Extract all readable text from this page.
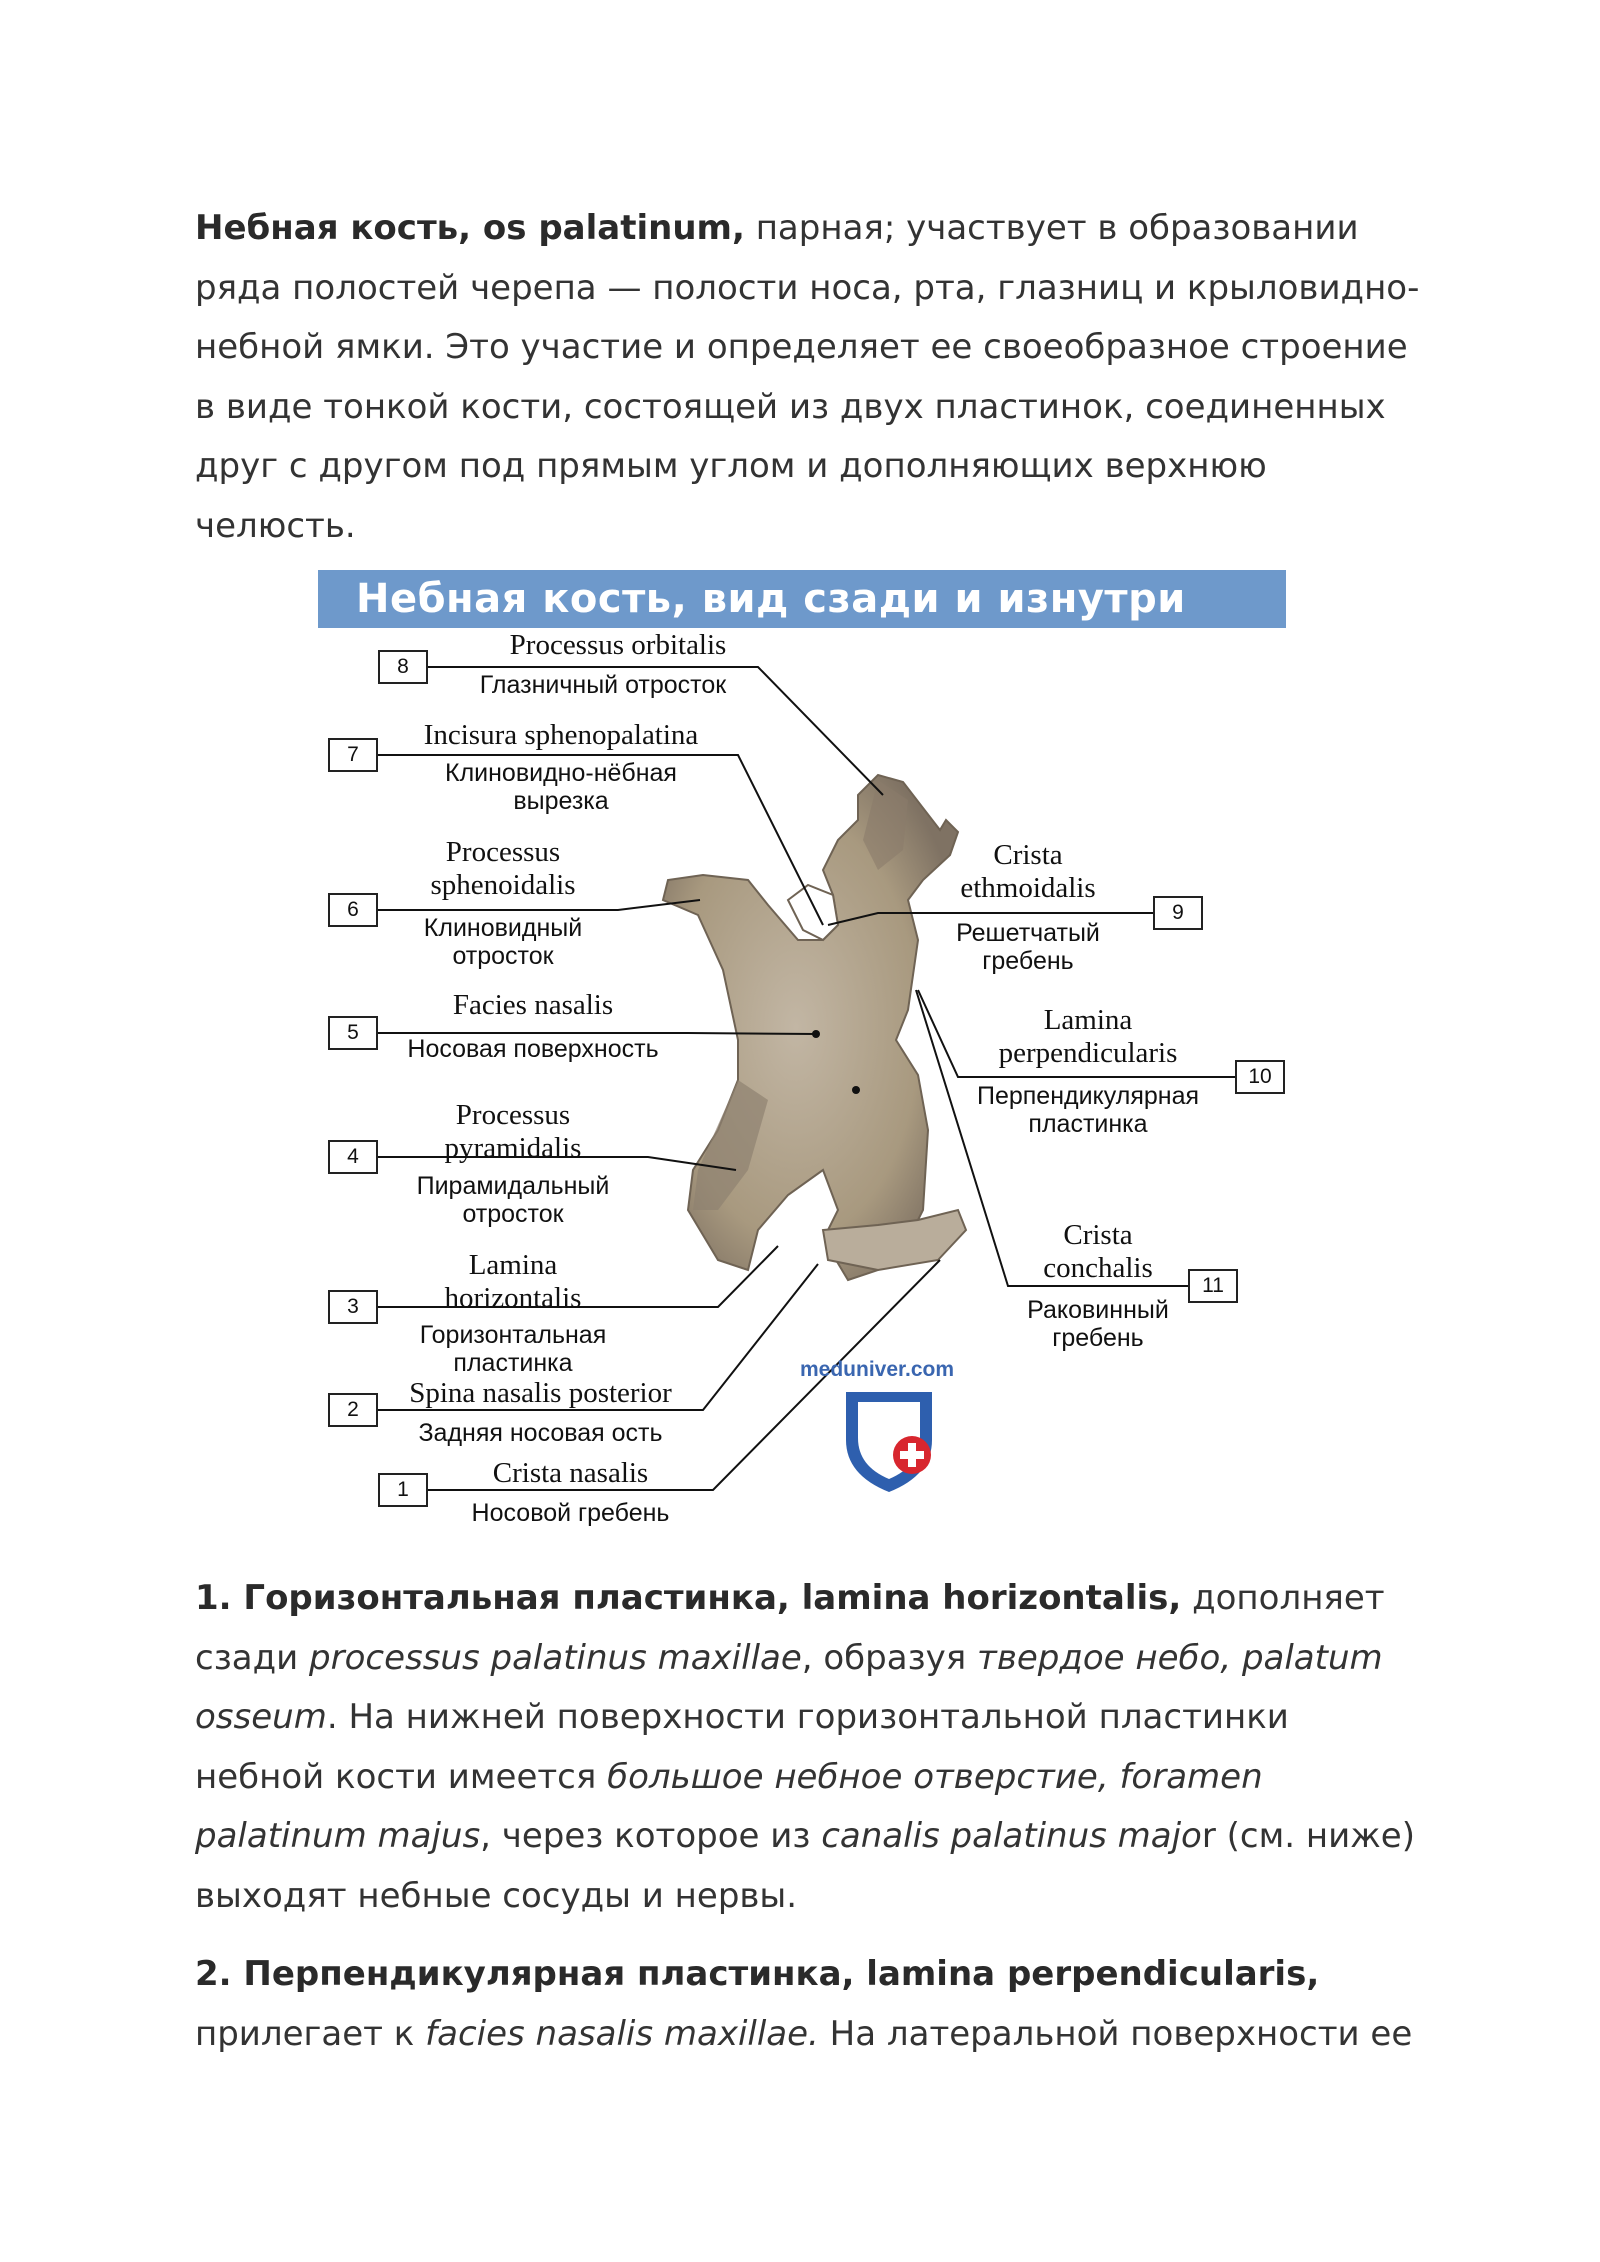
Небная кость, os palatinum, парная; участвует в образовании ряда полостей черепа — полости носа, рта, глазниц и крыловидно-небной ямки. Это участие и определяет ее своеобразное строение в виде тонкой кости, состоящей из двух пластинок, соединенных друг с другом под прямым углом и дополняющих верхнюю челюсть.

Небная кость, вид сзади и изнутри
1
2
3
4
5
6
7
8
9
10
11
Processus orbitalis
Глазничный отросток
Incisura sphenopalatina
Клиновидно-нёбная
вырезка
Processus
sphenoidalis
Клиновидный
отросток
Facies nasalis
Носовая поверхность
Processus
pyramidalis
Пирамидальный
отросток
Lamina
horizontalis
Горизонтальная
пластинка
Spina nasalis posterior
Задняя носовая ость
Crista nasalis
Носовой гребень
Crista
ethmoidalis
Решетчатый
гребень
Lamina
perpendicularis
Перпендикулярная
пластинка
Crista
conchalis
Раковинный
гребень
meduniver.com

1. Горизонтальная пластинка, lamina horizontalis, дополняет сзади processus palatinus maxillae, образуя твердое небо, palatum osseum. На нижней поверхности горизонтальной пластинки небной кости имеется большое небное отверстие, foramen palatinum majus, через которое из canalis palatinus major (см. ниже) выходят небные сосуды и нервы.

2. Перпендикулярная пластинка, lamina perpendicularis, прилегает к facies nasalis maxillae. На латеральной поверхности ее
